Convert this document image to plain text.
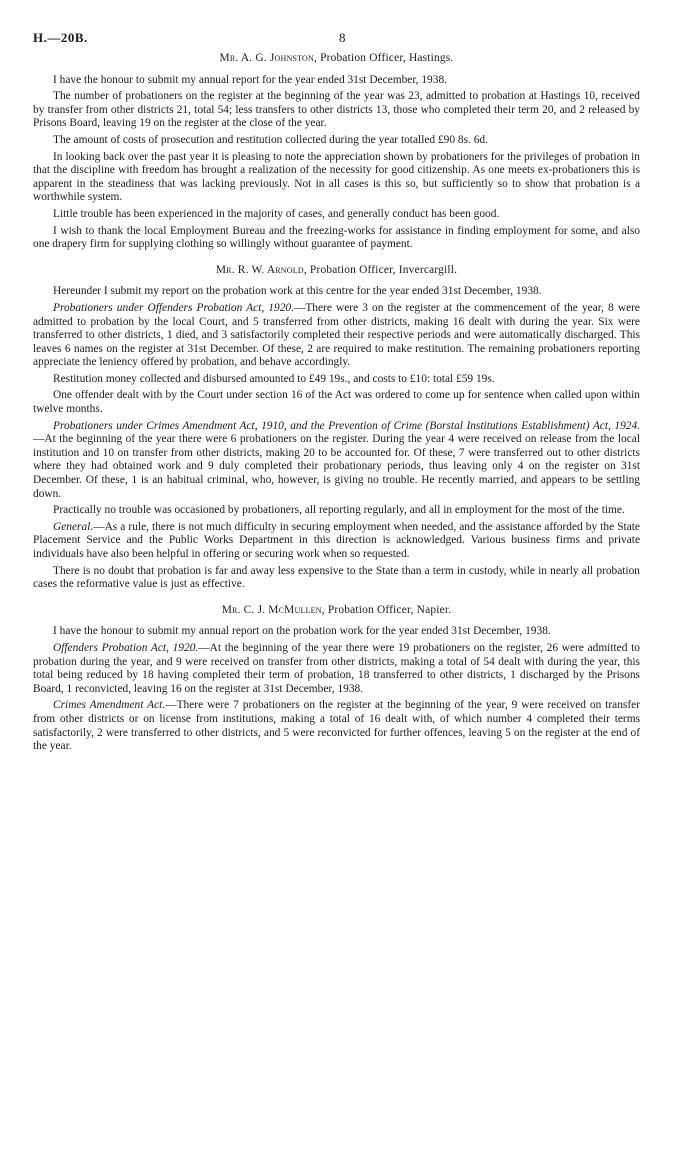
H.—20B.	8
Mr. A. G. Johnston, Probation Officer, Hastings.

I have the honour to submit my annual report for the year ended 31st December, 1938.

The number of probationers on the register at the beginning of the year was 23, admitted to probation at Hastings 10, received by transfer from other districts 21, total 54; less transfers to other districts 13, those who completed their term 20, and 2 released by Prisons Board, leaving 19 on the register at the close of the year.

The amount of costs of prosecution and restitution collected during the year totalled £90 8s. 6d.

In looking back over the past year it is pleasing to note the appreciation shown by probationers for the privileges of probation in that the discipline with freedom has brought a realization of the necessity for good citizenship. As one meets ex-probationers this is apparent in the steadiness that was lacking previously. Not in all cases is this so, but sufficiently so to show that probation is a worthwhile system.

Little trouble has been experienced in the majority of cases, and generally conduct has been good.

I wish to thank the local Employment Bureau and the freezing-works for assistance in finding employment for some, and also one drapery firm for supplying clothing so willingly without guarantee of payment.

Mr. R. W. Arnold, Probation Officer, Invercargill.

Hereunder I submit my report on the probation work at this centre for the year ended 31st December, 1938.

Probationers under Offenders Probation Act, 1920.—There were 3 on the register at the commencement of the year, 8 were admitted to probation by the local Court, and 5 transferred from other districts, making 16 dealt with during the year. Six were transferred to other districts, 1 died, and 3 satisfactorily completed their respective periods and were automatically discharged. This leaves 6 names on the register at 31st December. Of these, 2 are required to make restitution. The remaining probationers reporting appreciate the leniency offered by probation, and behave accordingly.

Restitution money collected and disbursed amounted to £49 19s., and costs to £10: total £59 19s.

One offender dealt with by the Court under section 16 of the Act was ordered to come up for sentence when called upon within twelve months.

Probationers under Crimes Amendment Act, 1910, and the Prevention of Crime (Borstal Institutions Establishment) Act, 1924.—At the beginning of the year there were 6 probationers on the register. During the year 4 were received on release from the local institution and 10 on transfer from other districts, making 20 to be accounted for. Of these, 7 were transferred out to other districts where they had obtained work and 9 duly completed their probationary periods, thus leaving only 4 on the register on 31st December. Of these, 1 is an habitual criminal, who, however, is giving no trouble. He recently married, and appears to be settling down.

Practically no trouble was occasioned by probationers, all reporting regularly, and all in employment for the most of the time.

General.—As a rule, there is not much difficulty in securing employment when needed, and the assistance afforded by the State Placement Service and the Public Works Department in this direction is acknowledged. Various business firms and private individuals have also been helpful in offering or securing work when so requested.

There is no doubt that probation is far and away less expensive to the State than a term in custody, while in nearly all probation cases the reformative value is just as effective.

Mr. C. J. McMullen, Probation Officer, Napier.

I have the honour to submit my annual report on the probation work for the year ended 31st December, 1938.

Offenders Probation Act, 1920.—At the beginning of the year there were 19 probationers on the register, 26 were admitted to probation during the year, and 9 were received on transfer from other districts, making a total of 54 dealt with during the year, this total being reduced by 18 having completed their term of probation, 18 transferred to other districts, 1 discharged by the Prisons Board, 1 reconvicted, leaving 16 on the register at 31st December, 1938.

Crimes Amendment Act.—There were 7 probationers on the register at the beginning of the year, 9 were received on transfer from other districts or on license from institutions, making a total of 16 dealt with, of which number 4 completed their terms satisfactorily, 2 were transferred to other districts, and 5 were reconvicted for further offences, leaving 5 on the register at the end of the year.
